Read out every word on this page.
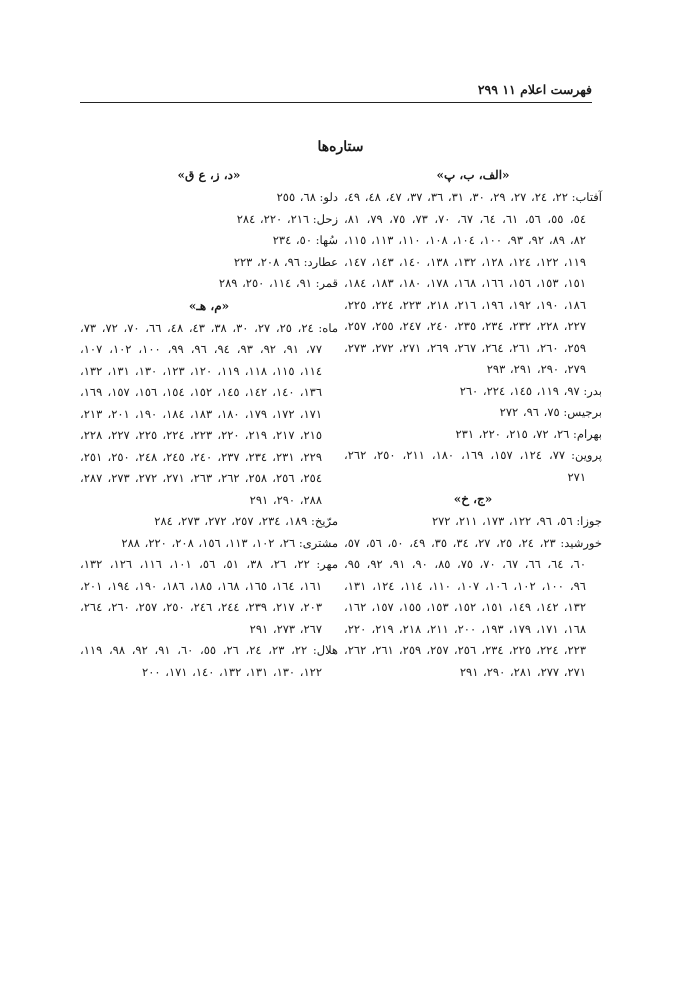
فهرست اعلام ۱۱ ۲۹۹
ستاره‌ها
«الف، ب، پ»
آفتاب: ۲۲، ۲٤، ۲۷، ۲۹، ۳۰، ۳۱، ۳٦، ۳۷، ٤۷، ٤۸، ٤۹، ٥٤، ٥٥، ٥٦، ٦۱، ٦٤، ٦۷، ۷۰، ۷۳، ۷٥، ۷۹، ۸۱، ۸۲، ۸۹، ۹۲، ۹۳، ۱۰۰، ۱۰٤، ۱۰۸، ۱۱۰، ۱۱۳، ۱۱٥، ۱۱۹، ۱۲۲، ۱۲٤، ۱۲۸، ۱۳۲، ۱۳۸، ۱٤۰، ۱٤۳، ۱٤۷، ۱٥۱، ۱٥۳، ۱٥٦، ۱٦٦، ۱٦۸، ۱۷۸، ۱۸۰، ۱۸۳، ۱۸٤، ۱۸٦، ۱۹۰، ۱۹۲، ۱۹٦، ۲۱٦، ۲۱۸، ۲۲۳، ۲۲٤، ۲۲٥، ۲۲۷، ۲۲۸، ۲۳۲، ۲۳٤، ۲۳٥، ۲٤۰، ۲٤۷، ۲٥٥، ۲٥۷، ۲٥۹، ۲٦۰، ۲٦۱، ۲٦٤، ۲٦۷، ۲٦۹، ۲۷۱، ۲۷۲، ۲۷۳، ۲۷۹، ۲۹۰، ۲۹۱، ۲۹۳
بدر: ۹۷، ۱۱۹، ۱٤٥، ۲۲٤، ۲٦۰
برجیس: ۷٥، ۹٦، ۲۷۲
بهرام: ۲٦، ۷۲، ۲۱٥، ۲۲۰، ۲۳۱
پروین: ۷۷، ۱۲٤، ۱٥۷، ۱٦۹، ۱۸۰، ۲۱۱، ۲٥۰، ۲٦۲، ۲۷۱
«ج، خ»
جوزا: ٥٦، ۹٦، ۱۲۲، ۱۷۳، ۲۱۱، ۲۷۲
خورشید: ۲۳، ۲٤، ۲٥، ۲۷، ۳٤، ۳٥، ٤۹، ٥۰، ٥٦، ٥۷، ٦۰، ٦٤، ٦٦، ٦۷، ۷۰، ۷٥، ۸٥، ۹۰، ۹۱، ۹۲، ۹٥، ۹٦، ۱۰۰، ۱۰۲، ۱۰٦، ۱۰۷، ۱۱۰، ۱۱٤، ۱۲٤، ۱۳۱، ۱۳۲، ۱٤۲، ۱٤۹، ۱٥۱، ۱٥۲، ۱٥۳، ۱٥٥، ۱٥۷، ۱٦۲، ۱٦۸، ۱۷۱، ۱۷۹، ۱۹۳، ۲۰۰، ۲۱۱، ۲۱۸، ۲۱۹، ۲۲۰، ۲۲۳، ۲۲٤، ۲۲٥، ۲۳٤، ۲٥٦، ۲٥۷، ۲٥۹، ۲٦۱، ۲٦۲، ۲۷۱، ۲۷۷، ۲۸۱، ۲۹۰، ۲۹۱
«د، ز، ع ق»
دلو: ٦۸، ۲٥٥
زحل: ۲۱٦، ۲۲۰، ۲۸٤
سُها: ٥۰، ۲۳٤
عطارد: ۹٦، ۲۰۸، ۲۲۳
قمر: ۹۱، ۱۱٤، ۲٥۰، ۲۸۹
«م، هـ»
ماه: ۲٤، ۲٥، ۲۷، ۳۰، ۳۸، ٤۳، ٤۸، ٦٦، ۷۰، ۷۲، ۷۳، ۷۷، ۹۱، ۹۲، ۹۳، ۹٤، ۹٦، ۹۹، ۱۰۰، ۱۰۲، ۱۰۷، ۱۱٤، ۱۱٥، ۱۱۸، ۱۱۹، ۱۲۰، ۱۲۳، ۱۳۰، ۱۳۱، ۱۳۲، ۱۳٦، ۱٤۰، ۱٤۲، ۱٤٥، ۱٥۲، ۱٥٤، ۱٥٦، ۱٥۷، ۱٦۹، ۱۷۱، ۱۷۲، ۱۷۹، ۱۸۰، ۱۸۳، ۱۸٤، ۱۹۰، ۲۰۱، ۲۱۳، ۲۱٥، ۲۱۷، ۲۱۹، ۲۲۰، ۲۲۳، ۲۲٤، ۲۲٥، ۲۲۷، ۲۲۸، ۲۲۹، ۲۳۱، ۲۳٤، ۲۳۷، ۲٤۰، ۲٤٥، ۲٤۸، ۲٥۰، ۲٥۱، ۲٥٤، ۲٥٦، ۲٥۸، ۲٦۲، ۲٦۳، ۲۷۱، ۲۷۲، ۲۷۳، ۲۸۷، ۲۸۸، ۲۹۰، ۲۹۱
مرّیخ: ۱۸۹، ۲۳٤، ۲٥۷، ۲۷۲، ۲۷۳، ۲۸٤
مشتری: ۲٦، ۱۰۲، ۱۱۳، ۱٥٦، ۲۰۸، ۲۲۰، ۲۸۸
مهر: ۲۲، ۲٦، ۳۸، ٥۱، ٥٦، ۱۰۱، ۱۱٦، ۱۲٦، ۱۳۲، ۱٦۱، ۱٦٤، ۱٦٥، ۱٦۸، ۱۸٥، ۱۸٦، ۱۹۰، ۱۹٤، ۲۰۱، ۲۰۳، ۲۱۷، ۲۳۹، ۲٤٤، ۲٤٦، ۲٥۰، ۲٥۷، ۲٦۰، ۲٦٤، ۲٦۷، ۲۷۳، ۲۹۱
هلال: ۲۲، ۲۳، ۲٤، ۲٦، ٥٥، ٦۰، ۹۱، ۹۲، ۹۸، ۱۱۹، ۱۲۲، ۱۳۰، ۱۳۱، ۱۳۲، ۱٤۰، ۱۷۱، ۲۰۰
